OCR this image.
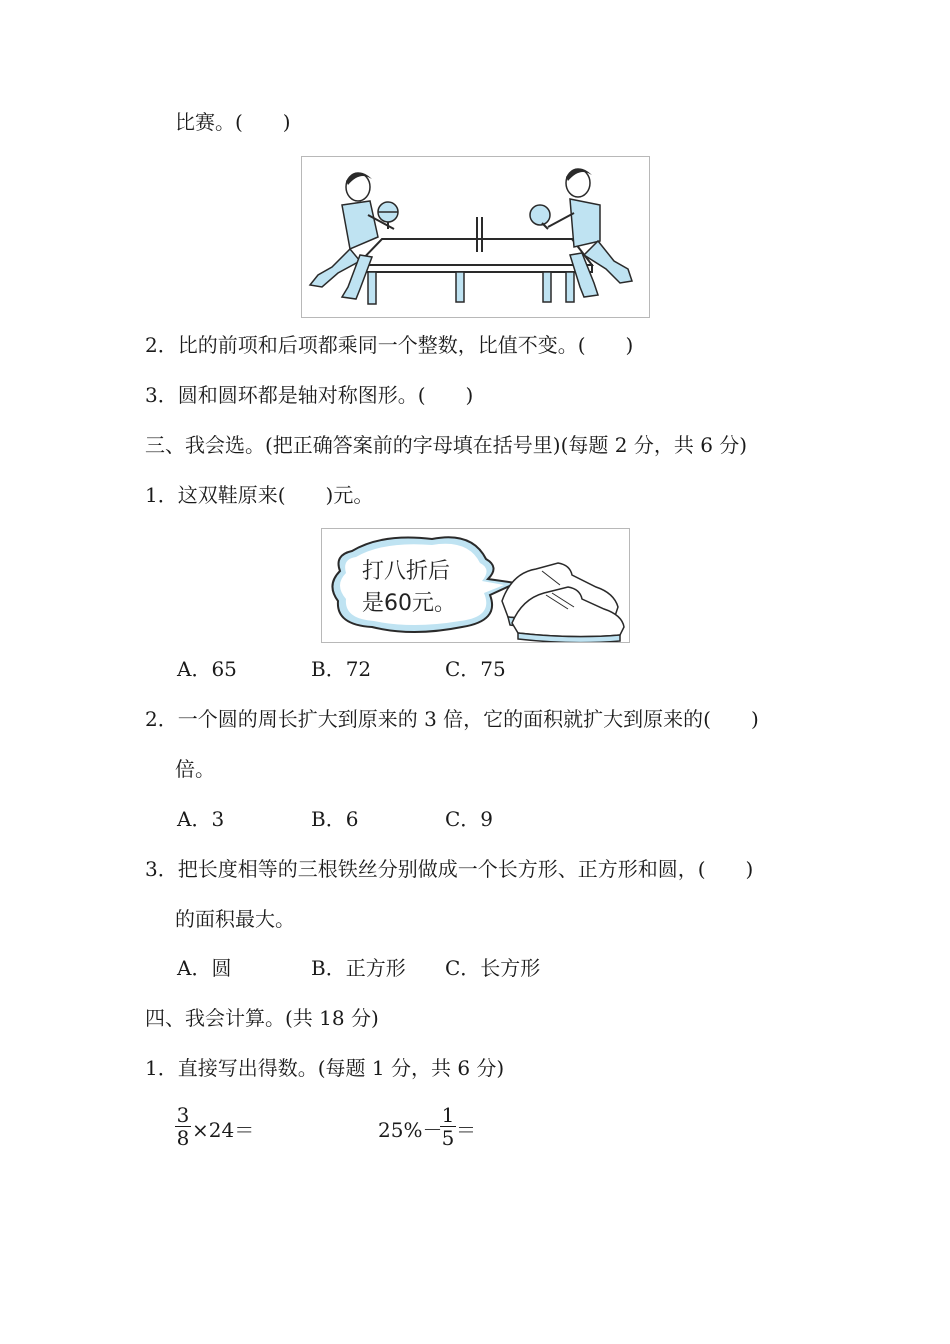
比赛。(　　)
2．比的前项和后项都乘同一个整数，比值不变。(　　)
3．圆和圆环都是轴对称图形。(　　)
三、我会选。(把正确答案前的字母填在括号里)(每题 2 分，共 6 分)
1．这双鞋原来(　　)元。
打八折后
是60元。
A．65	B．72	C．75
2．一个圆的周长扩大到原来的 3 倍，它的面积就扩大到原来的(　　)
倍。
A．3	B．6	C．9
3．把长度相等的三根铁丝分别做成一个长方形、正方形和圆，(　　)
的面积最大。
A．圆	B．正方形 C．长方形
四、我会计算。(共 18 分)
1．直接写出得数。(每题 1 分，共 6 分)
$\frac{3}{8} \times 24=$	25%－
$\frac{1}{5}$ ＝
